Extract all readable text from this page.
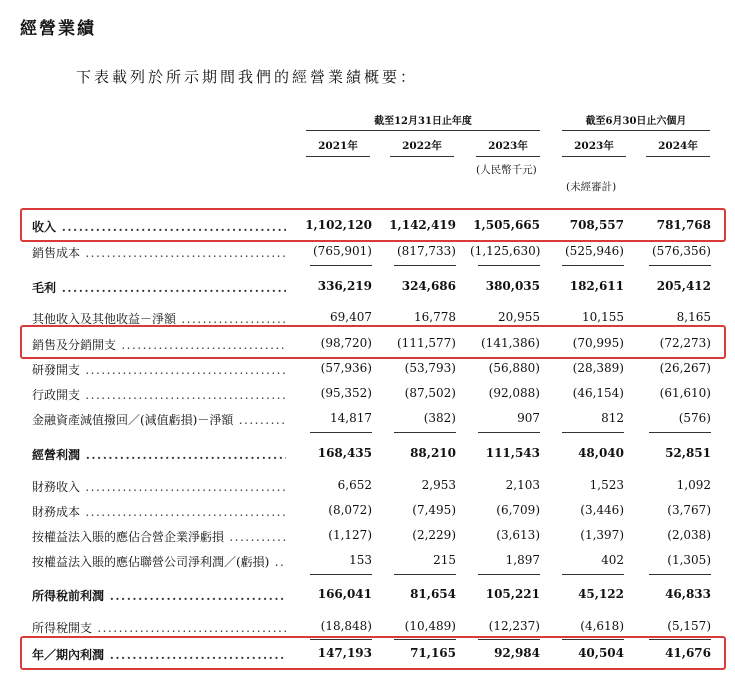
經營業績
下表載列於所示期間我們的經營業績概要：
截至12月31日止年度	截至6月30日止六個月
2021年	2022年	2023年	2023年	2024年
(人民幣千元)
(未經審計)
收入 .....	1,102,120 1,142,419 1,505,665	708,557	781,768
銷售成本 .....	(765,901)	(817,733) (1,125,630)	(525,946)	(576,356)
毛利 .....	336,219	324,686	380,035	182,611	205,412
其他收入及其他收益－淨額 .....	69,407	16,778	20,955	10,155	8,165
銷售及分銷開支 .....	(98,720)	(111,577)	(141,386)	(70,995)	(72,273)
研發開支 .....	(57,936)	(53,793)	(56,880)	(28,389)	(26,267)
行政開支 .....	(95,352)	(87,502)	(92,088)	(46,154)	(61,610)
金融資產減值撥回／(減值虧損)－淨額 .....	14,817	(382)	907	812	(576)
經營利潤 .....	168,435	88,210	111,543	48,040	52,851
財務收入 .....	6,652	2,953	2,103	1,523	1,092
財務成本 .....	(8,072)	(7,495)	(6,709)	(3,446)	(3,767)
按權益法入賬的應佔合營企業淨虧損 .....	(1,127)	(2,229)	(3,613)	(1,397)	(2,038)
按權益法入賬的應佔聯營公司淨利潤／(虧損) .....	153	215	1,897	402	(1,305)
所得稅前利潤 .....	166,041	81,654	105,221	45,122	46,833
所得稅開支 .....	(18,848)	(10,489)	(12,237)	(4,618)	(5,157)
年／期內利潤 .....	147,193	71,165	92,984	40,504	41,676
